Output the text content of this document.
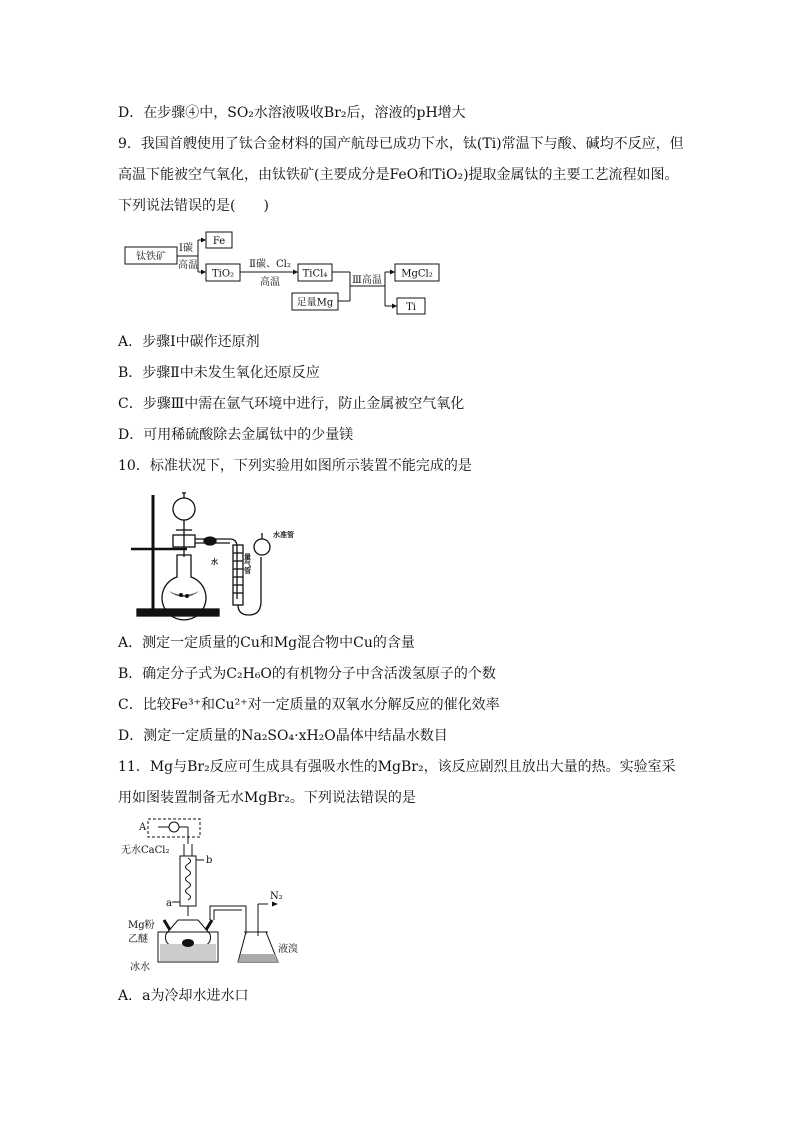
D．在步骤④中，SO₂水溶液吸收Br₂后，溶液的pH增大
9．我国首艘使用了钛合金材料的国产航母已成功下水，钛(Ti)常温下与酸、碱均不反应，但
高温下能被空气氧化，由钛铁矿(主要成分是FeO和TiO₂)提取金属钛的主要工艺流程如图。
下列说法错误的是(　　)
钛铁矿
Ⅰ碳
高温
Fe
TiO₂
Ⅱ碳、Cl₂
高温
TiCl₄
足量Mg
Ⅲ高温
MgCl₂
Ti
A．步骤Ⅰ中碳作还原剂
B．步骤Ⅱ中未发生氧化还原反应
C．步骤Ⅲ中需在氩气环境中进行，防止金属被空气氧化
D．可用稀硫酸除去金属钛中的少量镁
10．标准状况下，下列实验用如图所示装置不能完成的是
水准管
水	量气管
A．测定一定质量的Cu和Mg混合物中Cu的含量
B．确定分子式为C₂H₆O的有机物分子中含活泼氢原子的个数
C．比较Fe³⁺和Cu²⁺对一定质量的双氧水分解反应的催化效率
D．测定一定质量的Na₂SO₄·xH₂O晶体中结晶水数目
11．Mg与Br₂反应可生成具有强吸水性的MgBr₂，该反应剧烈且放出大量的热。实验室采
用如图装置制备无水MgBr₂。下列说法错误的是
A
无水CaCl₂
b
a
N₂
Mg粉
乙醚
液溴
冰水
A．a为冷却水进水口
